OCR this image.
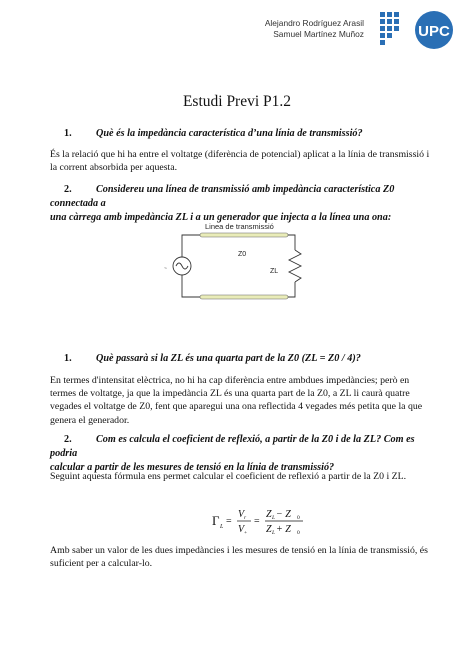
Alejandro Rodríguez Arasil
Samuel Martínez Muñoz	UPC
Estudi Previ P1.2
1. Què és la impedància característica d’una línia de transmissió?
És la relació que hi ha entre el voltatge (diferència de potencial) aplicat a la línia de transmissió i
la corrent absorbida per aquesta.
2. Considereu una línea de transmissió amb impedància característica Z0 connectada a
una càrrega amb impedància ZL i a un generador que injecta a la línea una ona:
Linea de transmissió
Z0
~	ZL
1. Què passarà si la ZL és una quarta part de la Z0 (ZL = Z0 / 4)?
En termes d'intensitat elèctrica, no hi ha cap diferència entre ambdues impedàncies; però en
termes de voltatge, ja que la impedància ZL és una quarta part de la Z0, a ZL li caurà quatre
vegades el voltatge de Z0, fent que aparegui una ona reflectida 4 vegades més petita que la que
genera el generador.
2. Com es calcula el coeficient de reflexió, a partir de la Z0 i de la ZL? Com es podria
calcular a partir de les mesures de tensió en la línia de transmissió?
Seguint aquesta fórmula ens permet calcular el coeficient de reflexió a partir de la Z0 i ZL.
Γ L =
V r
V +
=
Z L − Z 0
Z L + Z 0
Amb saber un valor de les dues impedàncies i les mesures de tensió en la línia de transmissió, és
suficient per a calcular-lo.
